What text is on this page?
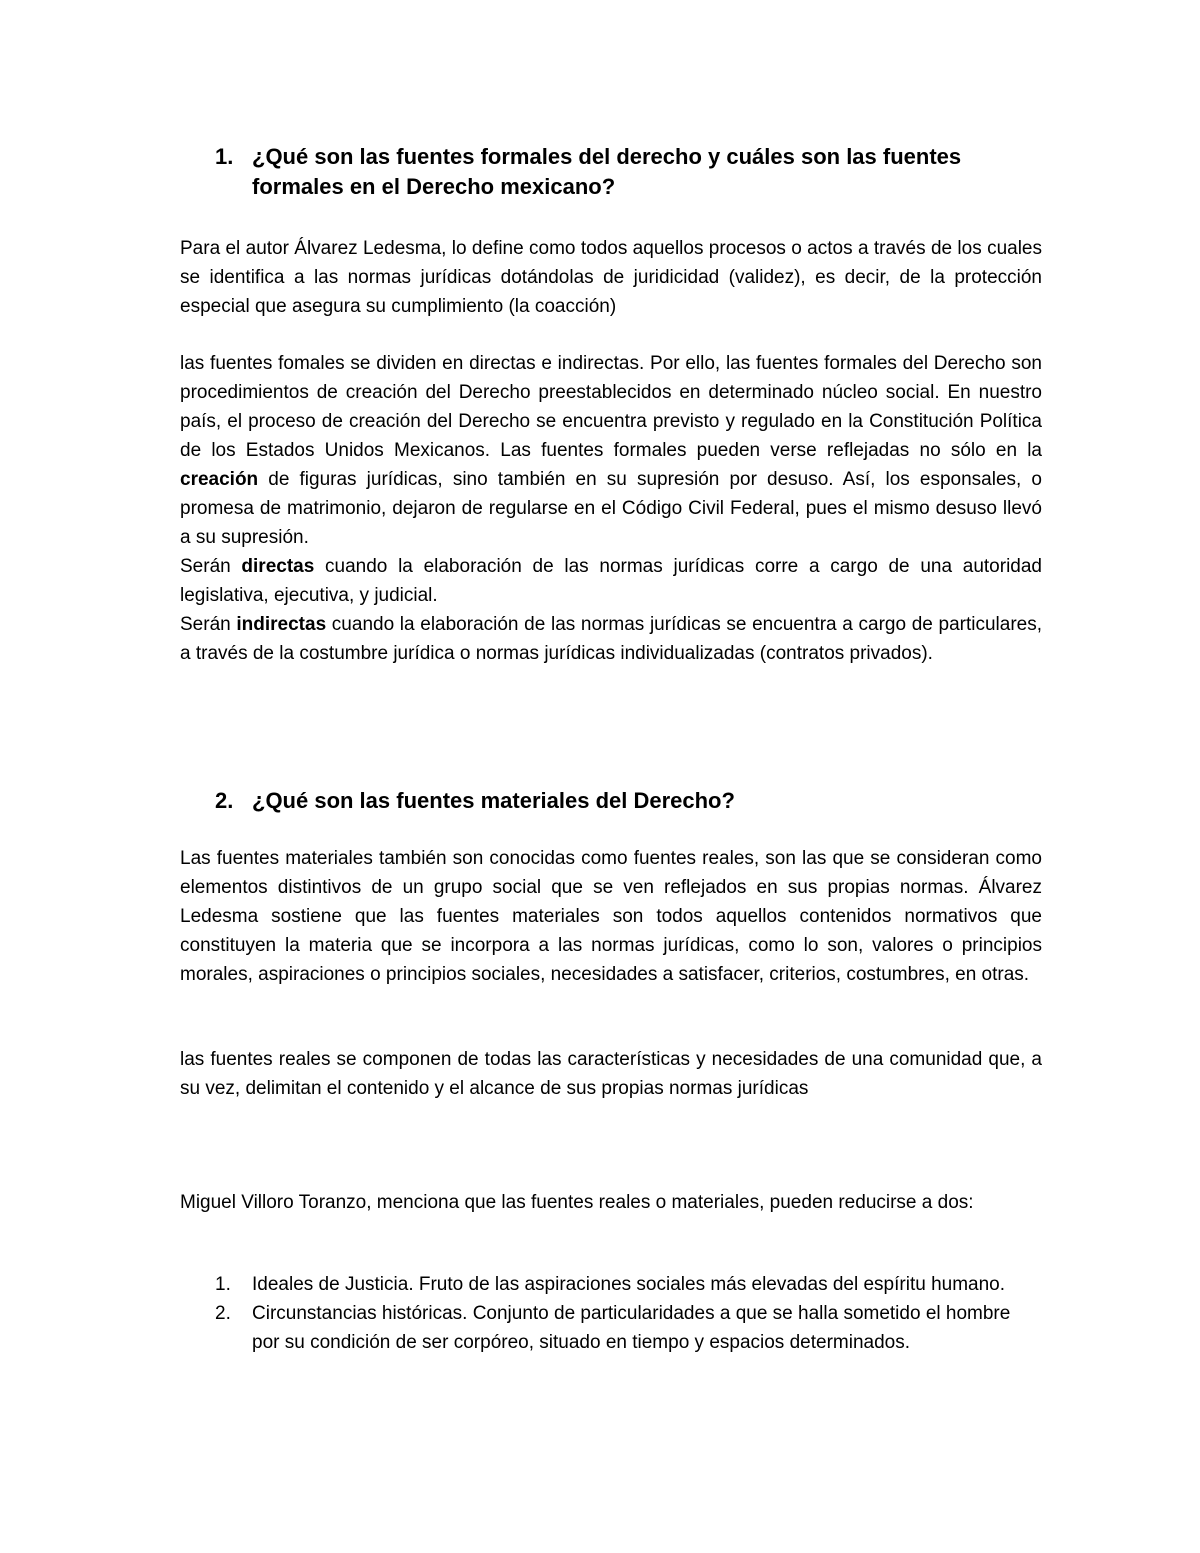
1. ¿Qué son las fuentes formales del derecho y cuáles son las fuentes formales en el Derecho mexicano?

Para el autor Álvarez Ledesma, lo define como todos aquellos procesos o actos a través de los cuales se identifica a las normas jurídicas dotándolas de juridicidad (validez), es decir, de la protección especial que asegura su cumplimiento (la coacción)

las fuentes fomales se dividen en directas e indirectas. Por ello, las fuentes formales del Derecho son procedimientos de creación del Derecho preestablecidos en determinado núcleo social. En nuestro país, el proceso de creación del Derecho se encuentra previsto y regulado en la Constitución Política de los Estados Unidos Mexicanos. Las fuentes formales pueden verse reflejadas no sólo en la creación de figuras jurídicas, sino también en su supresión por desuso. Así, los esponsales, o promesa de matrimonio, dejaron de regularse en el Código Civil Federal, pues el mismo desuso llevó a su supresión.

Serán directas cuando la elaboración de las normas jurídicas corre a cargo de una autoridad legislativa, ejecutiva, y judicial.

Serán indirectas cuando la elaboración de las normas jurídicas se encuentra a cargo de particulares, a través de la costumbre jurídica o normas jurídicas individualizadas (contratos privados).

2. ¿Qué son las fuentes materiales del Derecho?

Las fuentes materiales también son conocidas como fuentes reales, son las que se consideran como elementos distintivos de un grupo social que se ven reflejados en sus propias normas. Álvarez Ledesma sostiene que las fuentes materiales son todos aquellos contenidos normativos que constituyen la materia que se incorpora a las normas jurídicas, como lo son, valores o principios morales, aspiraciones o principios sociales, necesidades a satisfacer, criterios, costumbres, en otras.

las fuentes reales se componen de todas las características y necesidades de una comunidad que, a su vez, delimitan el contenido y el alcance de sus propias normas jurídicas

Miguel Villoro Toranzo, menciona que las fuentes reales o materiales, pueden reducirse a dos:

1.	Ideales de Justicia. Fruto de las aspiraciones sociales más elevadas del espíritu humano.
2.	Circunstancias históricas. Conjunto de particularidades a que se halla sometido el hombre por su condición de ser corpóreo, situado en tiempo y espacios determinados.
